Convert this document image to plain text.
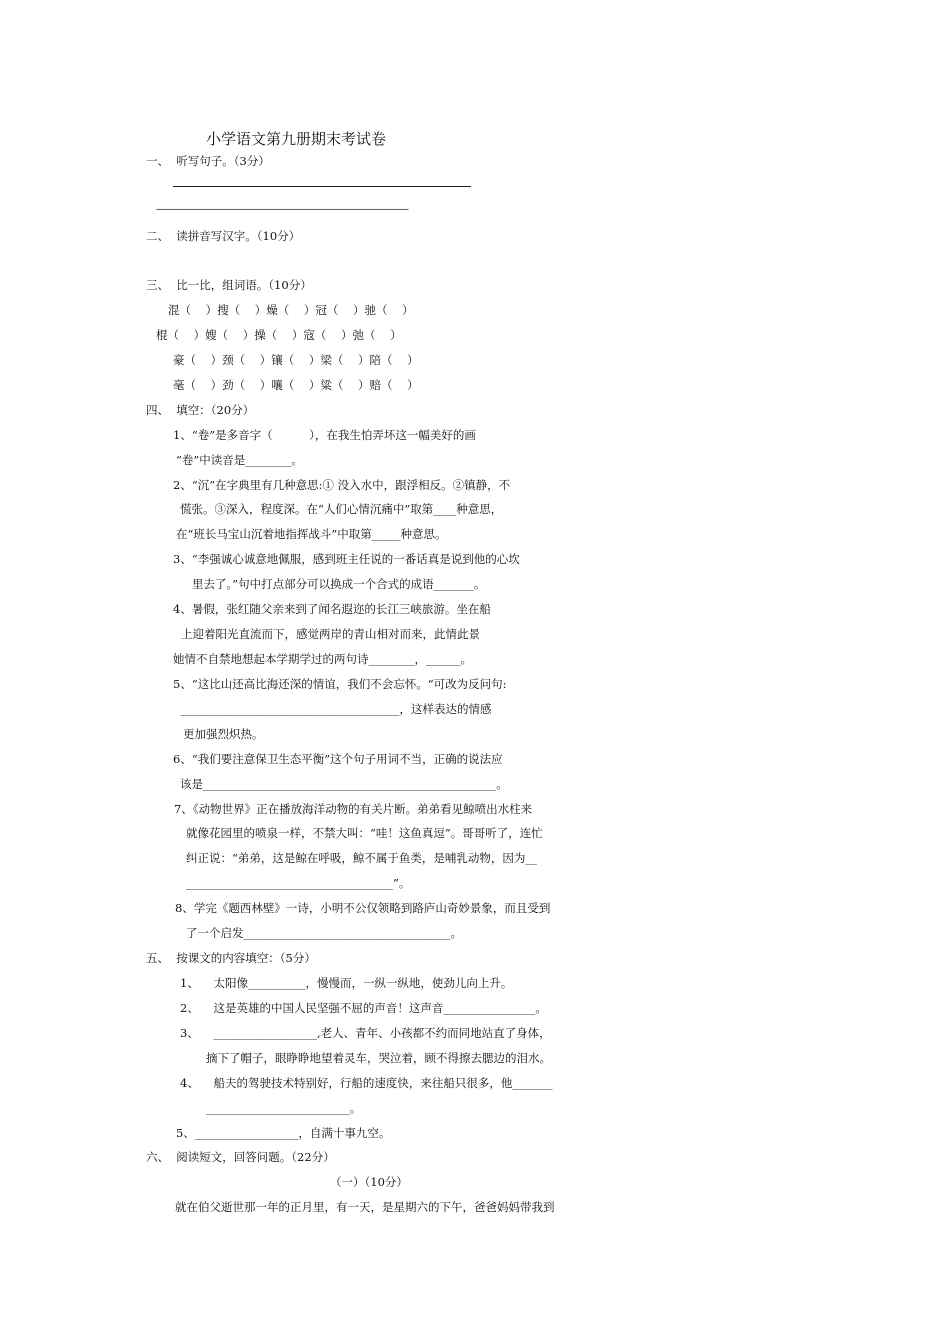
小学语文第九册期末考试卷
一、  听写句子。（3分）
————————————————————————————
二、  读拼音写汉字。（10分）
三、  比一比，组词语。（10分）
混（    ）搜（    ）燥（    ）冠（    ）驰（    ）
棍（    ）嫂（    ）操（    ）寇（    ）弛（    ）
豪（    ）颈（    ）镶（    ）梁（    ）陪（    ）
毫（    ）劲（    ）嚷（    ）粱（    ）赔（    ）
四、  填空：（20分）
1、“卷”是多音字（          ），在我生怕弄坏这一幅美好的画
“卷”中读音是________。
2、“沉”在字典里有几种意思:① 没入水中，跟浮相反。②镇静，不
慌张。③深入，程度深。在“人们心情沉痛中”取第____种意思，
在“班长马宝山沉着地指挥战斗”中取第_____种意思。
3、“李强诚心诚意地佩服，感到班主任说的一番话真是说到他的心坎
里去了。”句中打点部分可以换成一个合式的成语_______。
4、暑假，张红随父亲来到了闻名遐迩的长江三峡旅游。坐在船
上迎着阳光直流而下，感觉两岸的青山相对而来，此情此景
她情不自禁地想起本学期学过的两句诗________，______。
5、“这比山还高比海还深的情谊，我们不会忘怀。“可改为反问句:
______________________________________，这样表达的情感
更加强烈炽热。
6、“我们要注意保卫生态平衡”这个句子用词不当，正确的说法应
该是___________________________________________________。
7、《动物世界》正在播放海洋动物的有关片断。弟弟看见鲸喷出水柱来
就像花园里的喷泉一样，不禁大叫：“哇！这鱼真逗”。哥哥听了，连忙
纠正说：“弟弟，这是鲸在呼吸，鲸不属于鱼类，是哺乳动物，因为__
____________________________________”。
8、学完《题西林壁》一诗，小明不公仅领略到路庐山奇妙景象，而且受到
了一个启发____________________________________。
五、  按课文的内容填空：（5分）
1、    太阳像__________，慢慢而，一纵一纵地，使劲儿向上升。
2、    这是英雄的中国人民坚强不屈的声音！这声音________________。
3、    __________________,老人、青年、小孩都不约而同地站直了身体，
摘下了帽子，眼睁睁地望着灵车，哭泣着，顾不得擦去腮边的泪水。
4、    船夫的驾驶技术特别好，行船的速度快，来往船只很多，他_______
_________________________。
5、__________________，自满十事九空。
六、  阅读短文，回答问题。（22分）
（一）（10分）
就在伯父逝世那一年的正月里，有一天，是星期六的下午，爸爸妈妈带我到
